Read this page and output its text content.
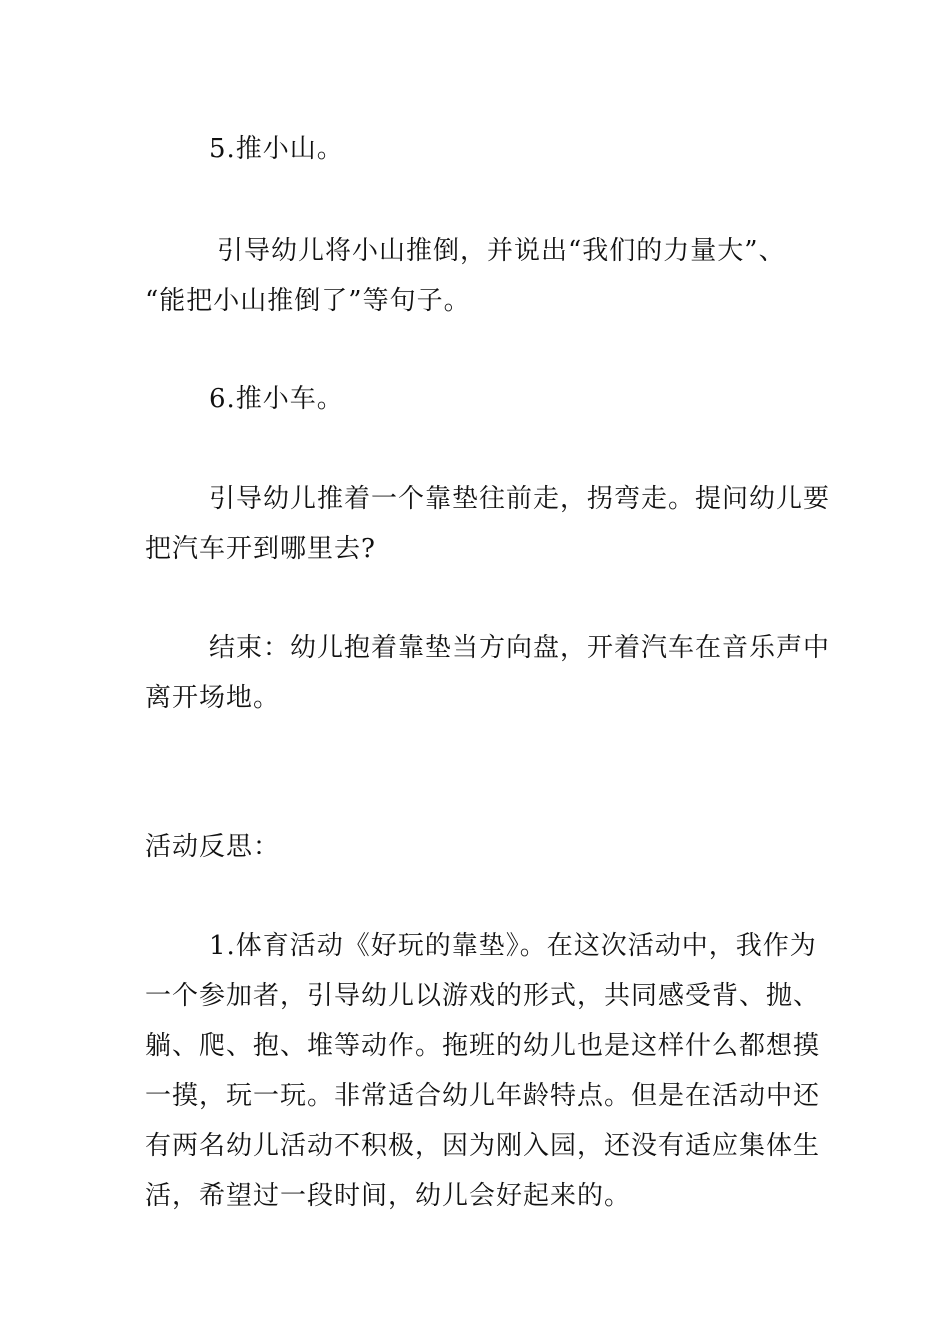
5.推小山。

引导幼儿将小山推倒，并说出“我们的力量大”、
“能把小山推倒了”等句子。

6.推小车。

引导幼儿推着一个靠垫往前走，拐弯走。提问幼儿要
把汽车开到哪里去?

结束：幼儿抱着靠垫当方向盘，开着汽车在音乐声中
离开场地。

活动反思：

1.体育活动《好玩的靠垫》。在这次活动中，我作为
一个参加者，引导幼儿以游戏的形式，共同感受背、抛、
躺、爬、抱、堆等动作。拖班的幼儿也是这样什么都想摸
一摸，玩一玩。非常适合幼儿年龄特点。但是在活动中还
有两名幼儿活动不积极，因为刚入园，还没有适应集体生
活，希望过一段时间，幼儿会好起来的。
